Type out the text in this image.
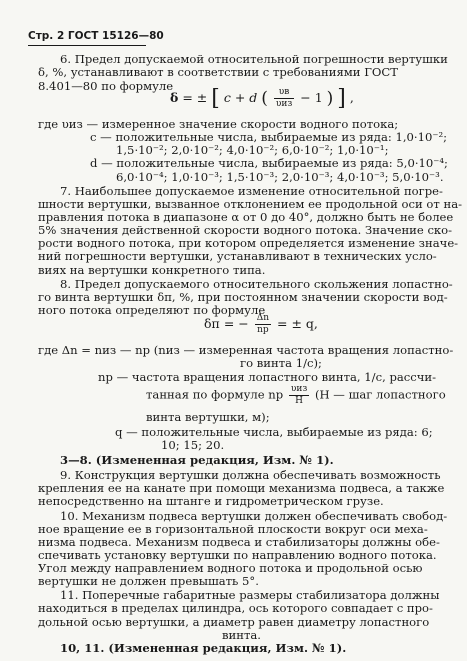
Стр. 2 ГОСТ 15126—80
6. Предел допускаемой относительной погрешности вертушки
δ, %, устанавливают в соответствии с требованиями ГОСТ
8.401—80 по формуле
где υиз — измеренное значение скорости водного потока;
c — положительные числа, выбираемые из ряда: 1,0·10⁻²;
1,5·10⁻²; 2,0·10⁻²; 4,0·10⁻²; 6,0·10⁻²; 1,0·10⁻¹;
d — положительные числа, выбираемые из ряда: 5,0·10⁻⁴;
6,0·10⁻⁴; 1,0·10⁻³; 1,5·10⁻³; 2,0·10⁻³; 4,0·10⁻³; 5,0·10⁻³.
7. Наибольшее допускаемое изменение относительной погре-
шности вертушки, вызванное отклонением ее продольной оси от на-
правления потока в диапазоне α от 0 до 40°, должно быть не более
5% значения действенной скорости водного потока. Значение ско-
рости водного потока, при котором определяется изменение значе-
ний погрешности вертушки, устанавливают в технических усло-
виях на вертушки конкретного типа.
8. Предел допускаемого относительного скольжения лопастно-
го винта вертушки δп, %, при постоянном значении скорости вод-
ного потока определяют по формуле
где Δn = nиз — nр (nиз — измеренная частота вращения лопастно-
го винта 1/с);
nр — частота вращения лопастного винта, 1/с, рассчи-
винта вертушки, м);
q — положительные числа, выбираемые из ряда: 6;
10; 15; 20.
9. Конструкция вертушки должна обеспечивать возможность
крепления ее на канате при помощи механизма подвеса, а также
непосредственно на штанге и гидрометрическом грузе.
10. Механизм подвеса вертушки должен обеспечивать свобод-
ное вращение ее в горизонтальной плоскости вокруг оси меха-
низма подвеса. Механизм подвеса и стабилизаторы должны обе-
спечивать установку вертушки по направлению водного потока.
Угол между направлением водного потока и продольной осью
вертушки не должен превышать 5°.
11. Поперечные габаритные размеры стабилизатора должны
находиться в пределах цилиндра, ось которого совпадает с про-
дольной осью вертушки, а диаметр равен диаметру лопастного
винта.
δ = ± [ c + d ( $\frac{\upsilon в}{\text{υиз}} - 1$ ) ] ,
δп = − $\frac{\Delta n}{nр}$ = ± q,
танная по формуле nр $\frac{\text{υиз}}{H} (H$ — шаг лопастного
3—8. (Измененная редакция, Изм. № 1).
10, 11. (Измененная редакция, Изм. № 1).
